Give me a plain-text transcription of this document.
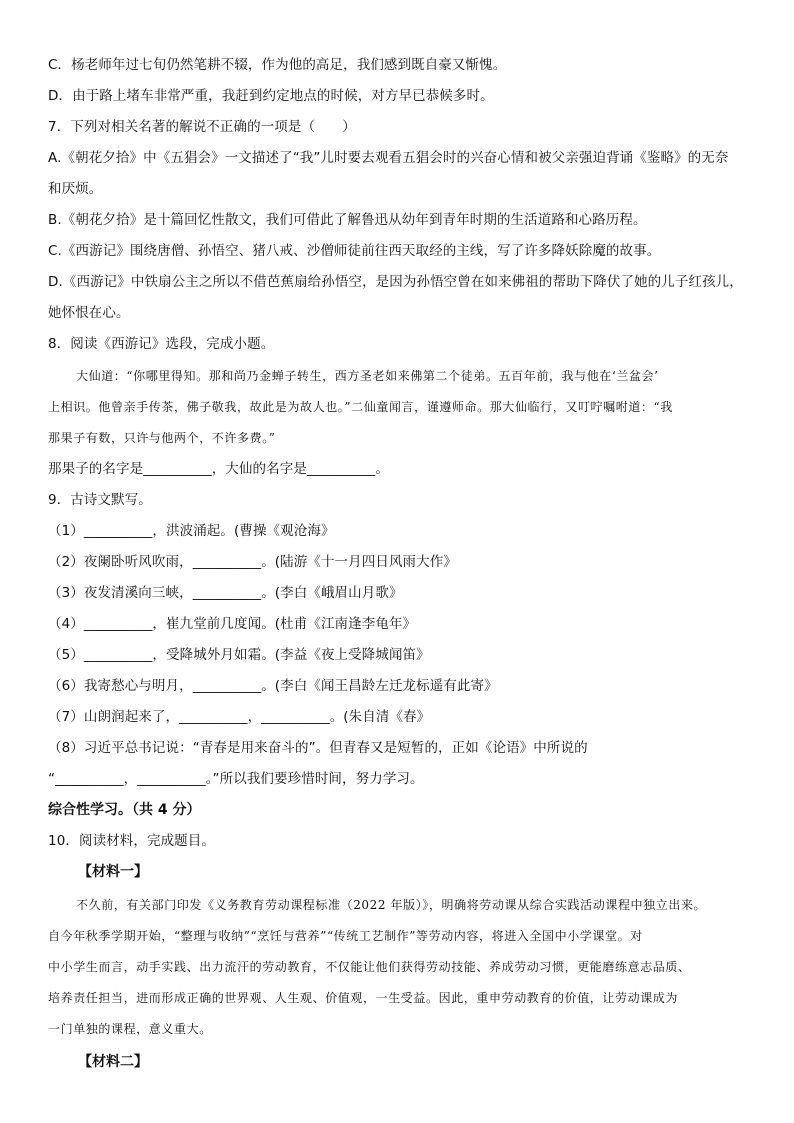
C．杨老师年过七旬仍然笔耕不辍，作为他的高足，我们感到既自豪又惭愧。
D．由于路上堵车非常严重，我赶到约定地点的时候，对方早已恭候多时。
7．下列对相关名著的解说不正确的一项是（　　）
A.《朝花夕拾》中《五猖会》一文描述了“我”儿时要去观看五猖会时的兴奋心情和被父亲强迫背诵《鉴略》的无奈
和厌烦。
B.《朝花夕拾》是十篇回忆性散文，我们可借此了解鲁迅从幼年到青年时期的生活道路和心路历程。
C.《西游记》围绕唐僧、孙悟空、猪八戒、沙僧师徒前往西天取经的主线，写了许多降妖除魔的故事。
D.《西游记》中铁扇公主之所以不借芭蕉扇给孙悟空，是因为孙悟空曾在如来佛祖的帮助下降伏了她的儿子红孩儿，
她怀恨在心。
8．阅读《西游记》选段，完成小题。
大仙道：“你哪里得知。那和尚乃金蝉子转生，西方圣老如来佛第二个徒弟。五百年前，我与他在‘兰盆会’
上相识。他曾亲手传茶，佛子敬我，故此是为故人也。”二仙童闻言，谨遵师命。那大仙临行，又叮咛嘱咐道：“我
那果子有数，只许与他两个，不许多费。”
那果子的名字是__________，大仙的名字是__________。
9．古诗文默写。
（1）__________，洪波涌起。(曹操《观沧海》
（2）夜阑卧听风吹雨，__________。(陆游《十一月四日风雨大作》
（3）夜发清溪向三峡，__________。(李白《峨眉山月歌》
（4）__________，崔九堂前几度闻。(杜甫《江南逢李龟年》
（5）__________，受降城外月如霜。(李益《夜上受降城闻笛》
（6）我寄愁心与明月，__________。(李白《闻王昌龄左迁龙标遥有此寄》
（7）山朗润起来了，__________，__________。(朱自清《春》
（8）习近平总书记说：“青春是用来奋斗的”。但青春又是短暂的，正如《论语》中所说的
“__________，__________。”所以我们要珍惜时间，努力学习。
综合性学习。（共 4 分）
10．阅读材料，完成题目。
【材料一】
不久前，有关部门印发《义务教育劳动课程标准（2022 年版）》，明确将劳动课从综合实践活动课程中独立出来。
自今年秋季学期开始，“整理与收纳”“烹饪与营养”“传统工艺制作”等劳动内容，将进入全国中小学课堂。对
中小学生而言，动手实践、出力流汗的劳动教育，不仅能让他们获得劳动技能、养成劳动习惯，更能磨练意志品质、
培养责任担当，进而形成正确的世界观、人生观、价值观，一生受益。因此，重申劳动教育的价值，让劳动课成为
一门单独的课程，意义重大。
【材料二】
